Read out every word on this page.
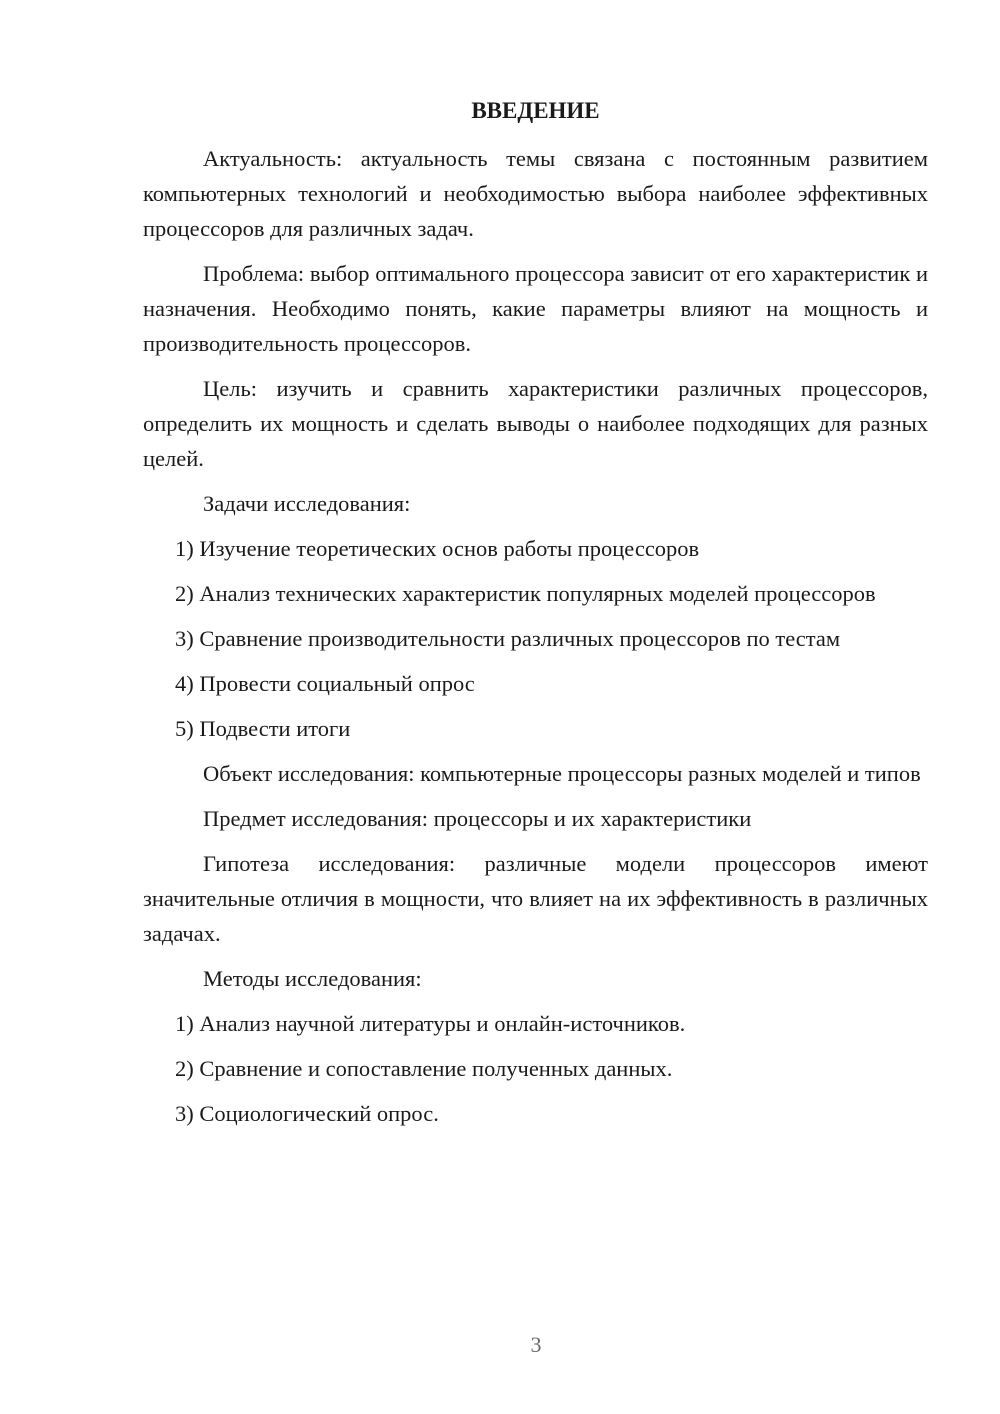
ВВЕДЕНИЕ

Актуальность: актуальность темы связана с постоянным развитием компьютерных технологий и необходимостью выбора наиболее эффективных процессоров для различных задач.

Проблема: выбор оптимального процессора зависит от его характеристик и назначения. Необходимо понять, какие параметры влияют на мощность и производительность процессоров.

Цель: изучить и сравнить характеристики различных процессоров, определить их мощность и сделать выводы о наиболее подходящих для разных целей.

Задачи исследования:

1) Изучение теоретических основ работы процессоров

2) Анализ технических характеристик популярных моделей процессоров

3) Сравнение производительности различных процессоров по тестам

4) Провести социальный опрос

5) Подвести итоги

Объект исследования: компьютерные процессоры разных моделей и типов

Предмет исследования: процессоры и их характеристики

Гипотеза исследования: различные модели процессоров имеют значительные отличия в мощности, что влияет на их эффективность в различных задачах.

Методы исследования:

1) Анализ научной литературы и онлайн-источников.

2) Сравнение и сопоставление полученных данных.

3) Социологический опрос.

3
